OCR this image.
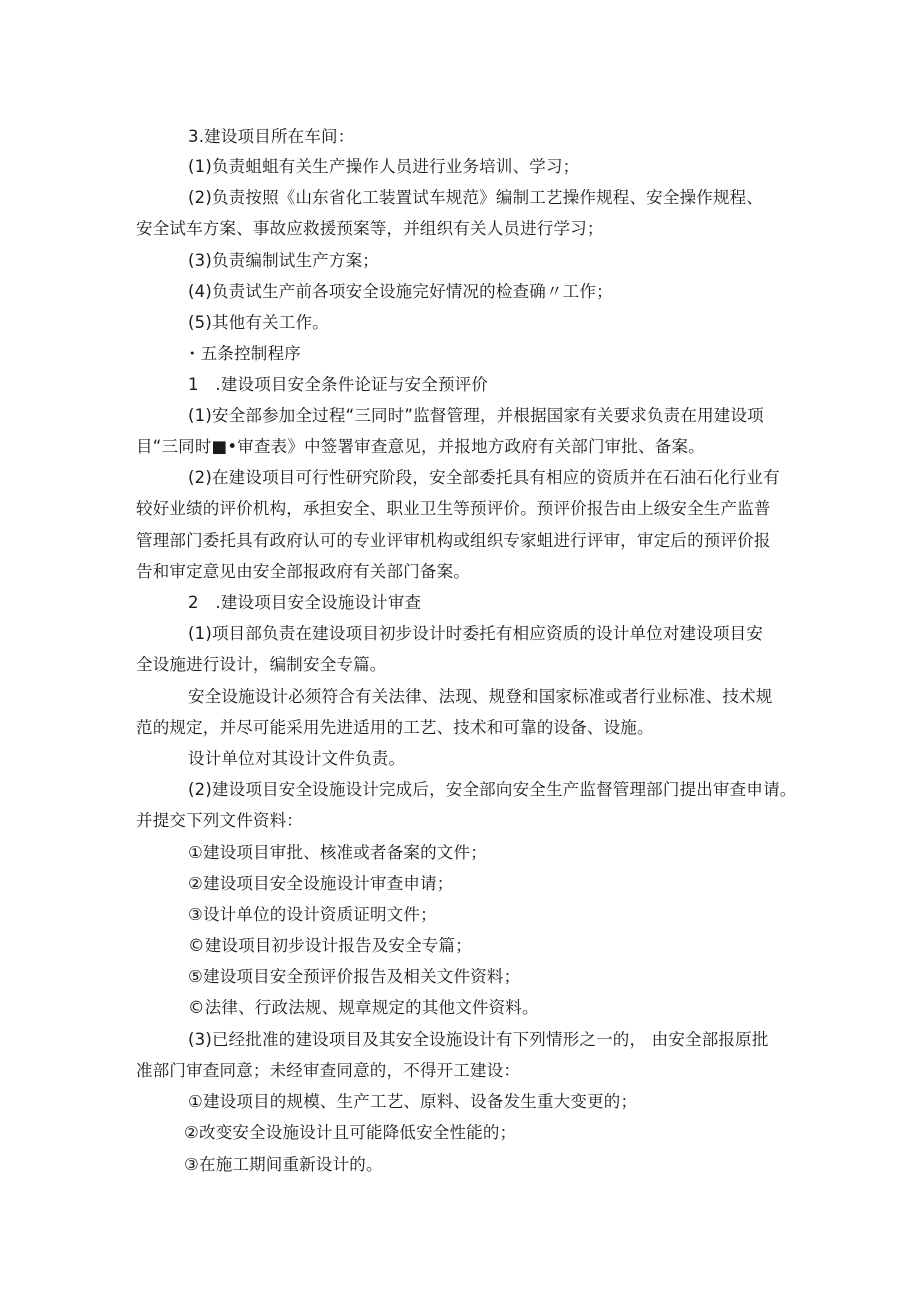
3.建设项目所在车间：
(1)负责蛆蛆有关生产操作人员进行业务培训、学习；
(2)负责按照《山东省化工装置试车规范》编制工艺操作规程、安全操作规程、
安全试车方案、事故应救援预案等，并组织有关人员进行学习；
(3)负责编制试生产方案；
(4)负责试生产前各项安全设施完好情况的检查确〃工作；
(5)其他有关工作。
・五条控制程序
1　.建设项目安全条件论证与安全预评价
(1)安全部参加全过程“三同时”监督管理，并根据国家有关要求负责在用建设项
目“三同时■•审查表》中签署审查意见，并报地方政府有关部门审批、备案。
(2)在建设项目可行性研究阶段，安全部委托具有相应的资质并在石油石化行业有
较好业绩的评价机构，承担安全、职业卫生等预评价。预评价报告由上级安全生产监普
管理部门委托具有政府认可的专业评审机构或组织专家蛆进行评审，审定后的预评价报
告和审定意见由安全部报政府有关部门备案。
2　.建设项目安全设施设计审查
(1)项目部负责在建设项目初步设计时委托有相应资质的设计单位对建设项目安
全设施进行设计，编制安全专篇。
安全设施设计必须符合有关法律、法现、规登和国家标准或者行业标准、技术规
范的规定，并尽可能采用先进适用的工艺、技术和可靠的设备、设施。
设计单位对其设计文件负责。
(2)建设项目安全设施设计完成后，安全部向安全生产监督管理部门提出审查申请。
并提交下列文件资料：
①建设项目审批、核准或者备案的文件；
②建设项目安全设施设计审查申请；
③设计单位的设计资质证明文件；
©建设项目初步设计报告及安全专篇；
⑤建设项目安全预评价报告及相关文件资料；
©法律、行政法规、规章规定的其他文件资料。
(3)已经批准的建设项目及其安全设施设计有下列情形之一的， 由安全部报原批
准部门审查同意；未经审查同意的，不得开工建设：
①建设项目的规模、生产工艺、原料、设备发生重大变更的；
②改变安全设施设计且可能降低安全性能的；
③在施工期间重新设计的。
